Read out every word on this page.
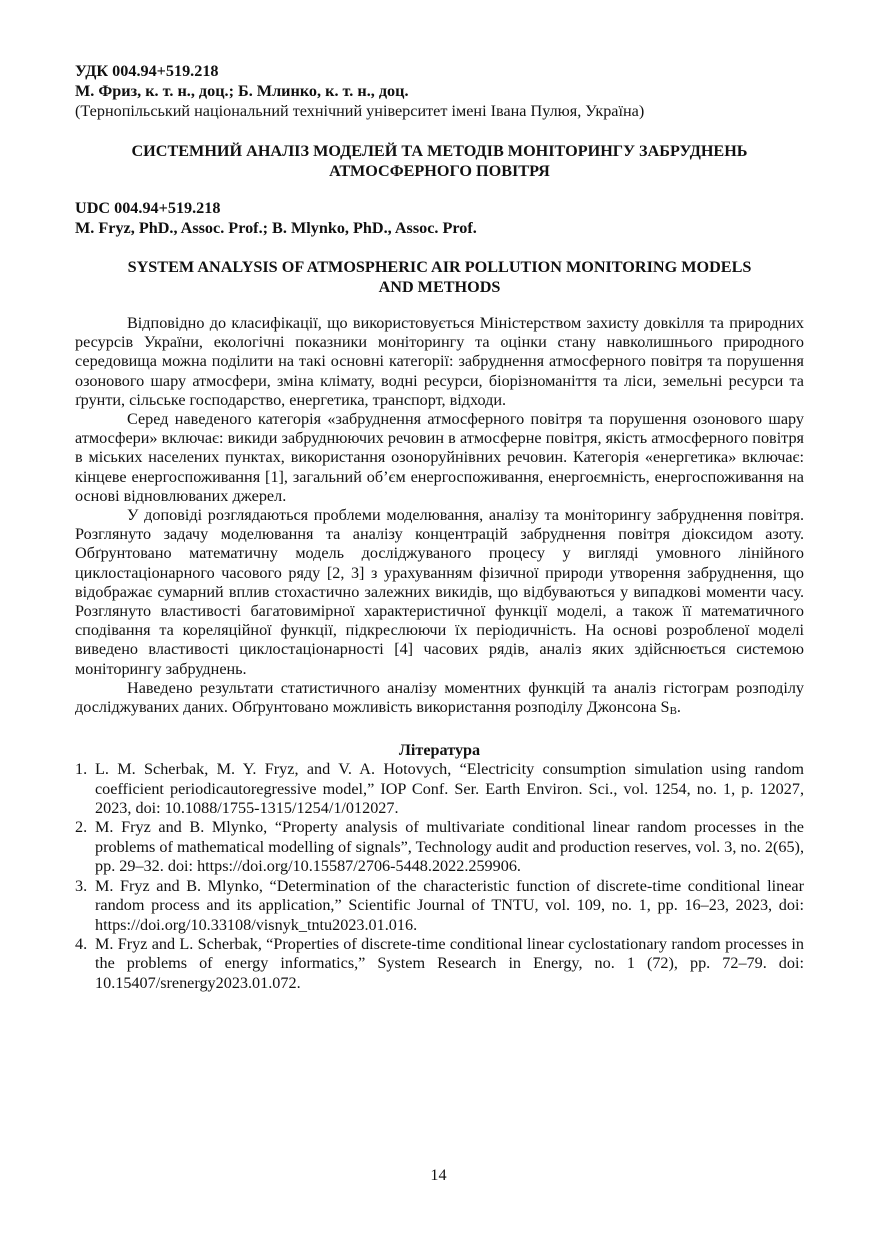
УДК 004.94+519.218
М. Фриз, к. т. н., доц.; Б. Млинко, к. т. н., доц.
(Тернопільський національний технічний університет імені Івана Пулюя, Україна)
СИСТЕМНИЙ АНАЛІЗ МОДЕЛЕЙ ТА МЕТОДІВ МОНІТОРИНГУ ЗАБРУДНЕНЬ
АТМОСФЕРНОГО ПОВІТРЯ
UDC 004.94+519.218
M. Fryz, PhD., Assoc. Prof.; B. Mlynko, PhD., Assoc. Prof.
SYSTEM ANALYSIS OF ATMOSPHERIC AIR POLLUTION MONITORING MODELS
AND METHODS

Відповідно до класифікації, що використовується Міністерством захисту довкілля та природних ресурсів України, екологічні показники моніторингу та оцінки стану навколишнього природного середовища можна поділити на такі основні категорії: забруднення атмосферного повітря та порушення озонового шару атмосфери, зміна клімату, водні ресурси, біорізноманіття та ліси, земельні ресурси та ґрунти, сільське господарство, енергетика, транспорт, відходи.

Серед наведеного категорія «забруднення атмосферного повітря та порушення озонового шару атмосфери» включає: викиди забруднюючих речовин в атмосферне повітря, якість атмосферного повітря в міських населених пунктах, використання озоноруйнівних речовин. Категорія «енергетика» включає: кінцеве енергоспоживання [1], загальний об’єм енергоспоживання, енергоємність, енергоспоживання на основі відновлюваних джерел.

У доповіді розглядаються проблеми моделювання, аналізу та моніторингу забруднення повітря. Розглянуто задачу моделювання та аналізу концентрацій забруднення повітря діоксидом азоту. Обґрунтовано математичну модель досліджуваного процесу у вигляді умовного лінійного циклостаціонарного часового ряду [2, 3] з урахуванням фізичної природи утворення забруднення, що відображає сумарний вплив стохастично залежних викидів, що відбуваються у випадкові моменти часу. Розглянуто властивості багатовимірної характеристичної функції моделі, а також її математичного сподівання та кореляційної функції, підкреслюючи їх періодичність. На основі розробленої моделі виведено властивості циклостаціонарності [4] часових рядів, аналіз яких здійснюється системою моніторингу забруднень.

Наведено результати статистичного аналізу моментних функцій та аналіз гістограм розподілу досліджуваних даних. Обґрунтовано можливість використання розподілу Джонсона $S_B$.

Література
1. L. M. Scherbak, M. Y. Fryz, and V. A. Hotovych, “Electricity consumption simulation using random coefficient periodicautoregressive model,” IOP Conf. Ser. Earth Environ. Sci., vol. 1254, no. 1, p. 12027, 2023, doi: 10.1088/1755-1315/1254/1/012027.
2. M. Fryz and B. Mlynko, “Property analysis of multivariate conditional linear random processes in the problems of mathematical modelling of signals”, Technology audit and production reserves, vol. 3, no. 2(65), pp. 29–32. doi: https://doi.org/10.15587/2706-5448.2022.259906.
3. M. Fryz and B. Mlynko, “Determination of the characteristic function of discrete-time conditional linear random process and its application,” Scientific Journal of TNTU, vol. 109, no. 1, pp. 16–23, 2023, doi: https://doi.org/10.33108/visnyk_tntu2023.01.016.
4. M. Fryz and L. Scherbak, “Properties of discrete-time conditional linear cyclostationary random processes in the problems of energy informatics,” System Research in Energy, no. 1 (72), pp. 72–79. doi: 10.15407/srenergy2023.01.072.
14
